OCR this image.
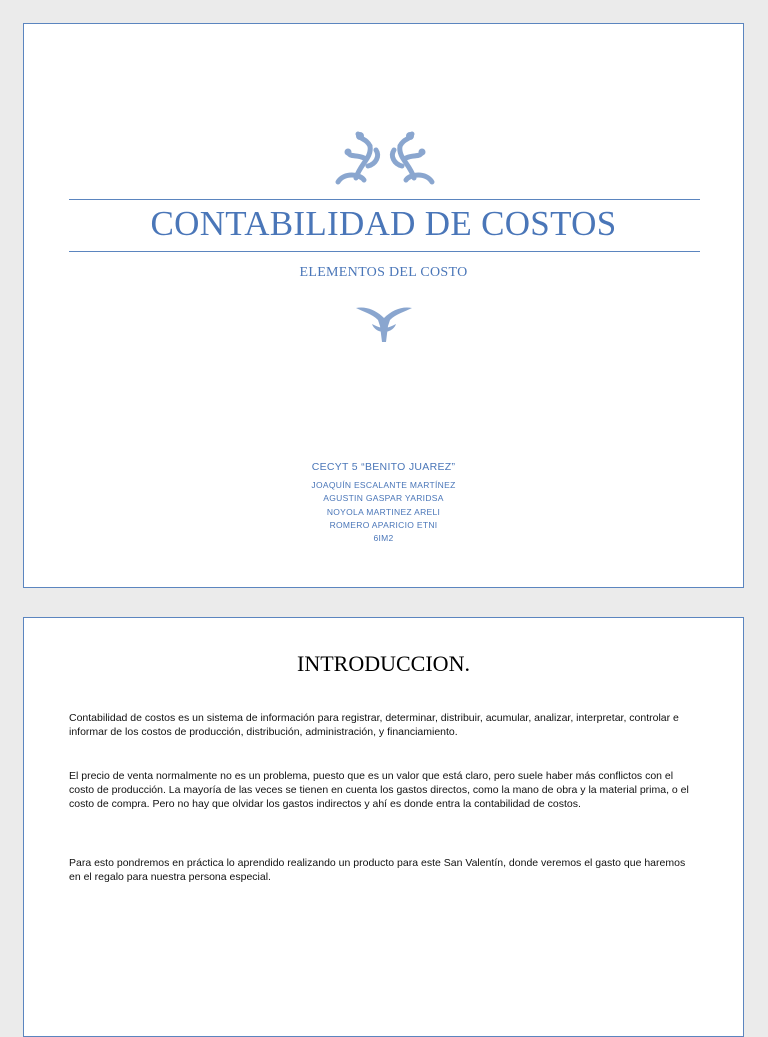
CONTABILIDAD DE COSTOS
ELEMENTOS DEL COSTO
CECYT 5 “BENITO JUAREZ”
JOAQUÍN ESCALANTE MARTÍNEZ
AGUSTIN GASPAR YARIDSA
NOYOLA MARTINEZ ARELI
ROMERO APARICIO ETNI
6IM2
INTRODUCCION.

Contabilidad de costos es un sistema de información para registrar, determinar, distribuir, acumular, analizar, interpretar, controlar e informar de los costos de producción, distribución, administración, y financiamiento.

El precio de venta normalmente no es un problema, puesto que es un valor que está claro, pero suele haber más conflictos con el costo de producción. La mayoría de las veces se tienen en cuenta los gastos directos, como la mano de obra y la material prima, o el costo de compra. Pero no hay que olvidar los gastos indirectos y ahí es donde entra la contabilidad de costos.

Para esto pondremos en práctica lo aprendido realizando un producto para este San Valentín, donde veremos el gasto que haremos en el regalo para nuestra persona especial.
